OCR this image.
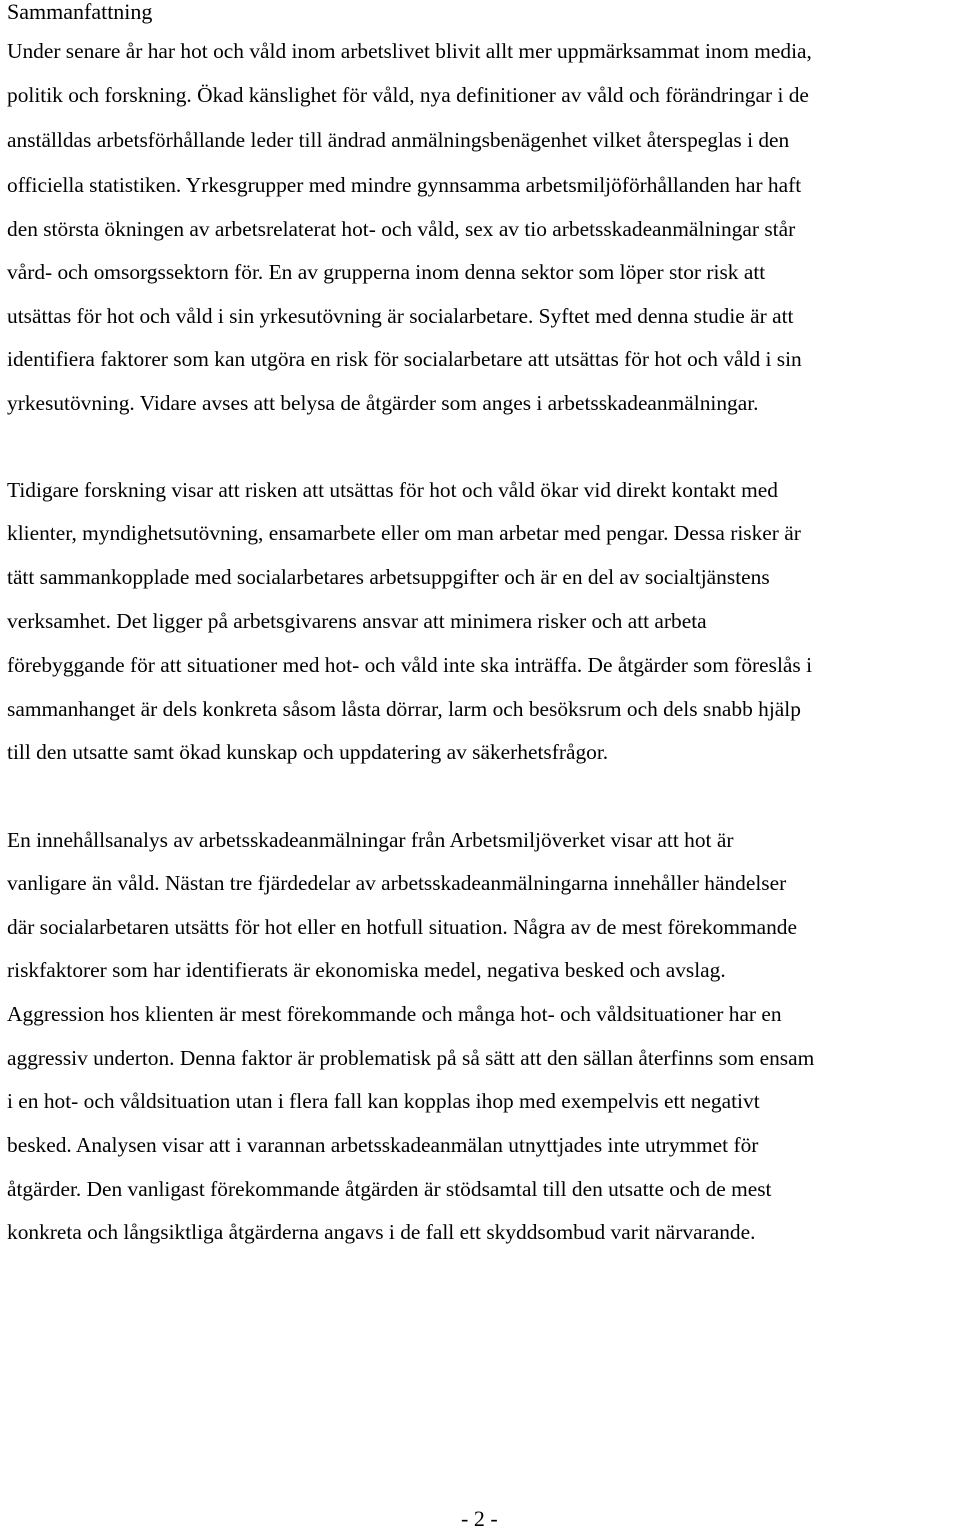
Sammanfattning
Under senare år har hot och våld inom arbetslivet blivit allt mer uppmärksammat inom media,
politik och forskning. Ökad känslighet för våld, nya definitioner av våld och förändringar i de
anställdas arbetsförhållande leder till ändrad anmälningsbenägenhet vilket återspeglas i den
officiella statistiken. Yrkesgrupper med mindre gynnsamma arbetsmiljöförhållanden har haft
den största ökningen av arbetsrelaterat hot- och våld, sex av tio arbetsskadeanmälningar står
vård- och omsorgssektorn för. En av grupperna inom denna sektor som löper stor risk att
utsättas för hot och våld i sin yrkesutövning är socialarbetare. Syftet med denna studie är att
identifiera faktorer som kan utgöra en risk för socialarbetare att utsättas för hot och våld i sin
yrkesutövning. Vidare avses att belysa de åtgärder som anges i arbetsskadeanmälningar.
Tidigare forskning visar att risken att utsättas för hot och våld ökar vid direkt kontakt med
klienter, myndighetsutövning, ensamarbete eller om man arbetar med pengar. Dessa risker är
tätt sammankopplade med socialarbetares arbetsuppgifter och är en del av socialtjänstens
verksamhet. Det ligger på arbetsgivarens ansvar att minimera risker och att arbeta
förebyggande för att situationer med hot- och våld inte ska inträffa. De åtgärder som föreslås i
sammanhanget är dels konkreta såsom låsta dörrar, larm och besöksrum och dels snabb hjälp
till den utsatte samt ökad kunskap och uppdatering av säkerhetsfrågor.
En innehållsanalys av arbetsskadeanmälningar från Arbetsmiljöverket visar att hot är
vanligare än våld. Nästan tre fjärdedelar av arbetsskadeanmälningarna innehåller händelser
där socialarbetaren utsätts för hot eller en hotfull situation. Några av de mest förekommande
riskfaktorer som har identifierats är ekonomiska medel, negativa besked och avslag.
Aggression hos klienten är mest förekommande och många hot- och våldsituationer har en
aggressiv underton. Denna faktor är problematisk på så sätt att den sällan återfinns som ensam
i en hot- och våldsituation utan i flera fall kan kopplas ihop med exempelvis ett negativt
besked. Analysen visar att i varannan arbetsskadeanmälan utnyttjades inte utrymmet för
åtgärder. Den vanligast förekommande åtgärden är stödsamtal till den utsatte och de mest
konkreta och långsiktliga åtgärderna angavs i de fall ett skyddsombud varit närvarande.
- 2 -
